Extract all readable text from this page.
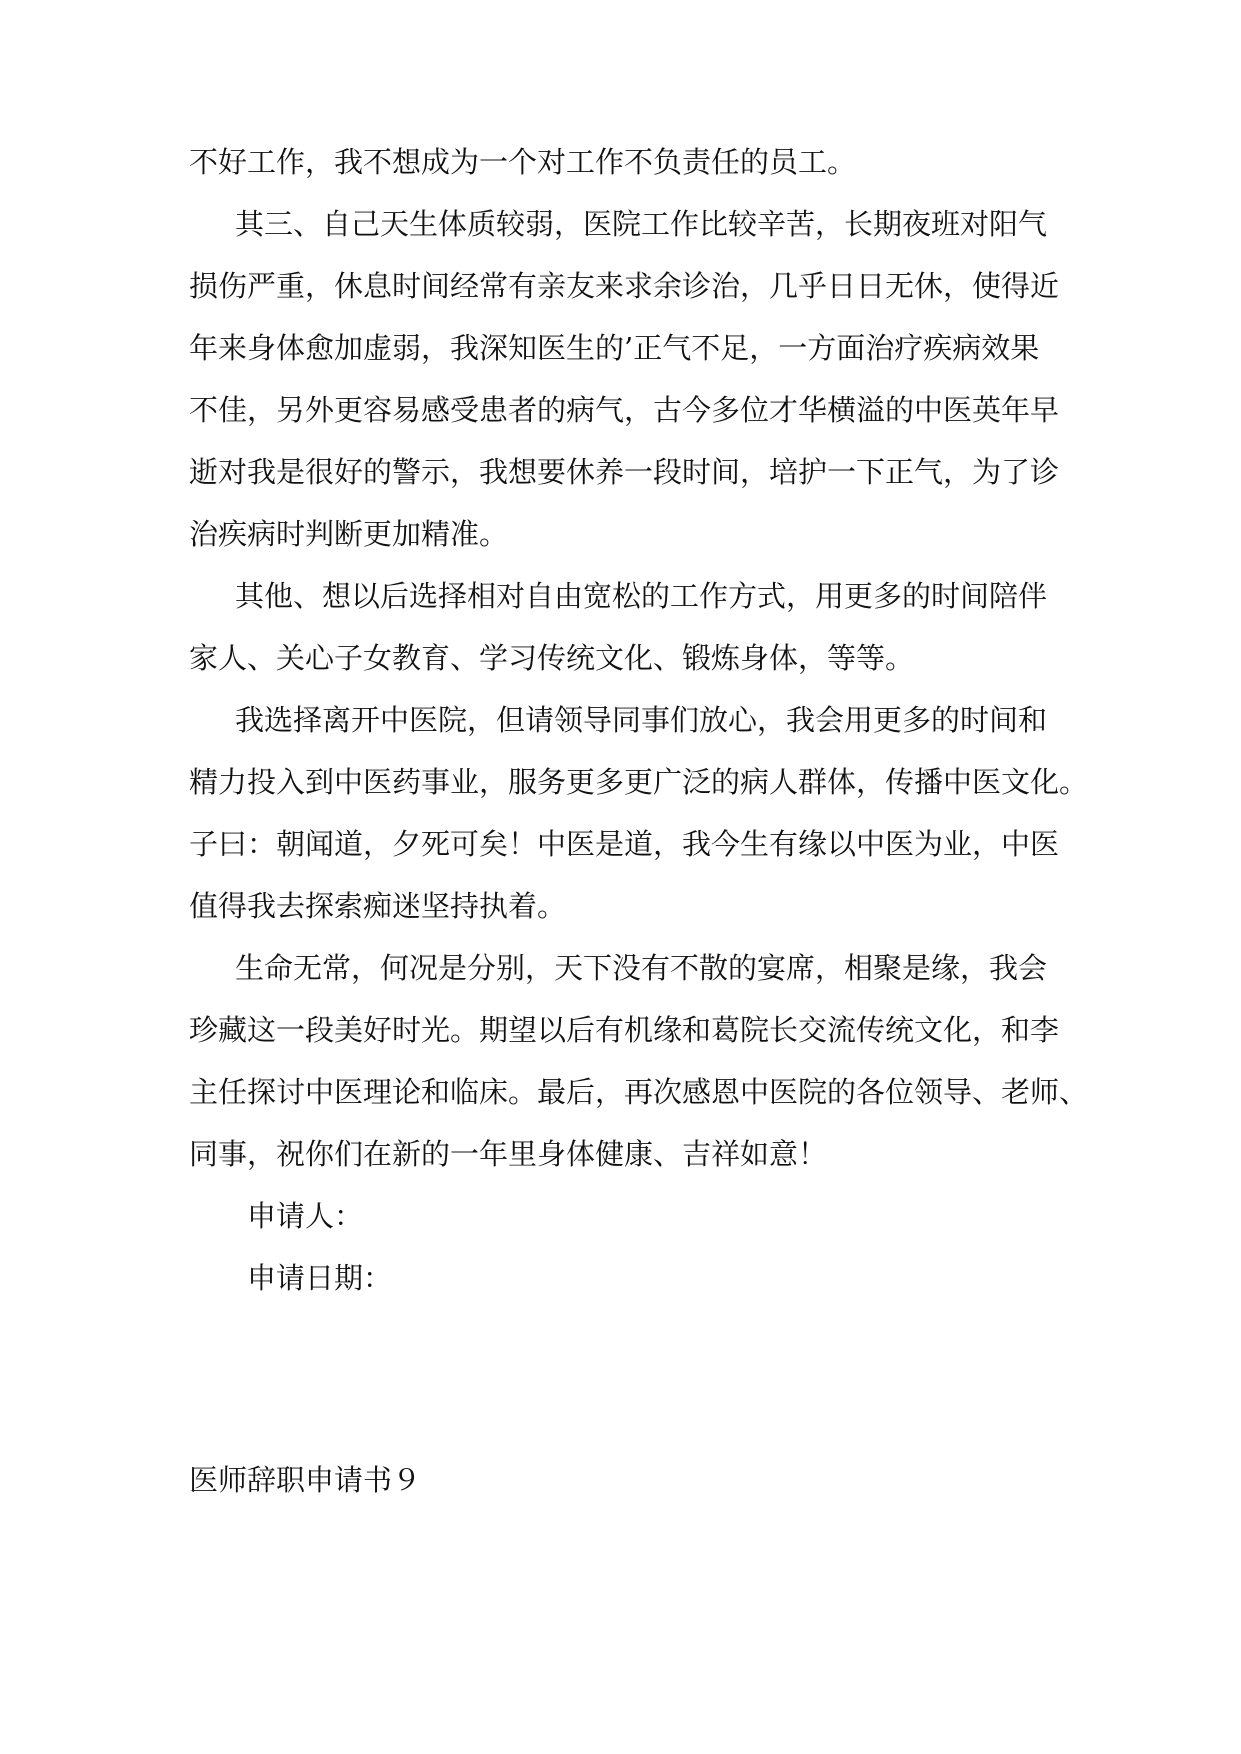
不好工作，我不想成为一个对工作不负责任的员工。
其三、自己天生体质较弱，医院工作比较辛苦，长期夜班对阳气
损伤严重，休息时间经常有亲友来求余诊治，几乎日日无休，使得近
年来身体愈加虚弱，我深知医生的’正气不足，一方面治疗疾病效果
不佳，另外更容易感受患者的病气，古今多位才华横溢的中医英年早
逝对我是很好的警示，我想要休养一段时间，培护一下正气，为了诊
治疾病时判断更加精准。
其他、想以后选择相对自由宽松的工作方式，用更多的时间陪伴
家人、关心子女教育、学习传统文化、锻炼身体，等等。
我选择离开中医院，但请领导同事们放心，我会用更多的时间和
精力投入到中医药事业，服务更多更广泛的病人群体，传播中医文化。
子曰：朝闻道，夕死可矣！中医是道，我今生有缘以中医为业，中医
值得我去探索痴迷坚持执着。
生命无常，何况是分别，天下没有不散的宴席，相聚是缘，我会
珍藏这一段美好时光。期望以后有机缘和葛院长交流传统文化，和李
主任探讨中医理论和临床。最后，再次感恩中医院的各位领导、老师、
同事，祝你们在新的一年里身体健康、吉祥如意！
申请人：
申请日期：
医师辞职申请书９
